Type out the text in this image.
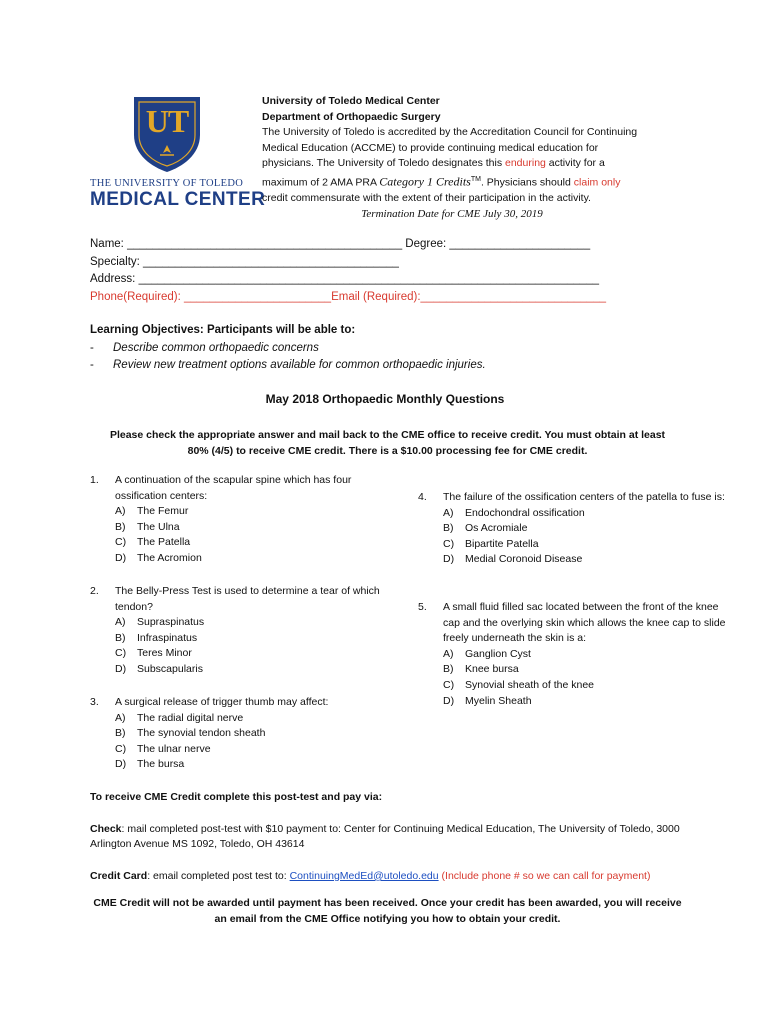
UT
THE UNIVERSITY OF TOLEDO
MEDICAL CENTER
University of Toledo Medical Center
Department of Orthopaedic Surgery
The University of Toledo is accredited by the Accreditation Council for Continuing
Medical Education (ACCME) to provide continuing medical education for
physicians. The University of Toledo designates this enduring activity for a
maximum of 2 AMA PRA Category 1 Credits™. Physicians should claim only
credit commensurate with the extent of their participation in the activity.
Termination Date for CME July 30, 2019
Name: ___________________________________________ Degree: ______________________
Specialty: ________________________________________
Address: ________________________________________________________________________
Phone(Required): _______________________Email (Required):_____________________________
Learning Objectives: Participants will be able to:
-	Describe common orthopaedic concerns
-	Review new treatment options available for common orthopaedic injuries.
May 2018 Orthopaedic Monthly Questions
Please check the appropriate answer and mail back to the CME office to receive credit. You must obtain at least
80% (4/5) to receive CME credit. There is a $10.00 processing fee for CME credit.
1.	A continuation of the scapular spine which has four ossification centers:
A)	The Femur
B)	The Ulna
C)	The Patella
D)	The Acromion
2.	The Belly-Press Test is used to determine a tear of which tendon?
A)	Supraspinatus
B)	Infraspinatus
C)	Teres Minor
D)	Subscapularis
3.	A surgical release of trigger thumb may affect:
A)	The radial digital nerve
B)	The synovial tendon sheath
C)	The ulnar nerve
D)	The bursa
4.	The failure of the ossification centers of the patella to fuse is:
A)	Endochondral ossification
B)	Os Acromiale
C)	Bipartite Patella
D)	Medial Coronoid Disease
5.	A small fluid filled sac located between the front of the knee cap and the overlying skin which allows the knee cap to slide freely underneath the skin is a:
A)	Ganglion Cyst
B)	Knee bursa
C)	Synovial sheath of the knee
D)	Myelin Sheath

To receive CME Credit complete this post-test and pay via:

Check: mail completed post-test with $10 payment to: Center for Continuing Medical Education, The University of Toledo, 3000 Arlington Avenue MS 1092, Toledo, OH 43614

Credit Card: email completed post test to: ContinuingMedEd@utoledo.edu (Include phone # so we can call for payment)

CME Credit will not be awarded until payment has been received. Once your credit has been awarded, you will receive an email from the CME Office notifying you how to obtain your credit.
